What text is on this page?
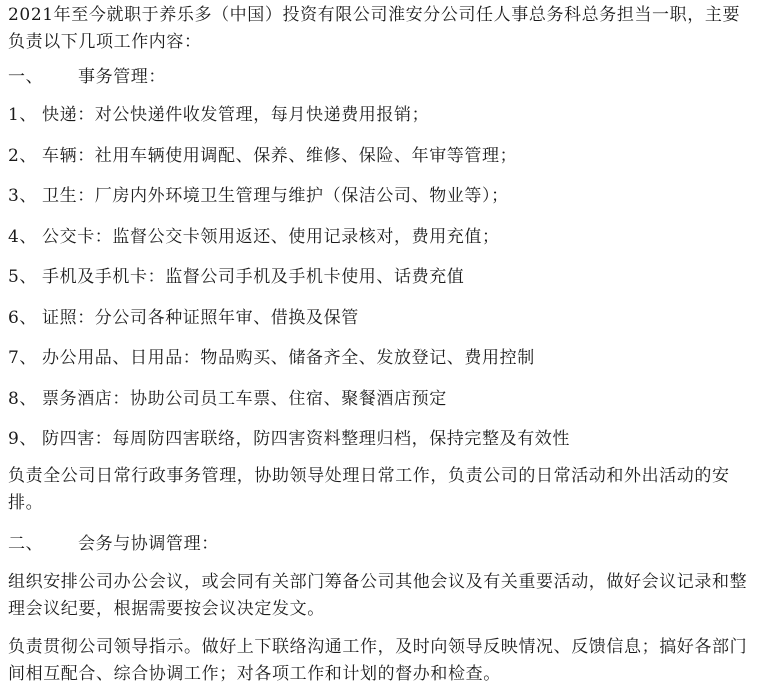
2021年至今就职于养乐多（中国）投资有限公司淮安分公司任人事总务科总务担当一职，主要负责以下几项工作内容：
一、 事务管理：
1、 快递：对公快递件收发管理，每月快递费用报销；
2、 车辆：社用车辆使用调配、保养、维修、保险、年审等管理；
3、 卫生：厂房内外环境卫生管理与维护（保洁公司、物业等）；
4、 公交卡：监督公交卡领用返还、使用记录核对，费用充值；
5、 手机及手机卡：监督公司手机及手机卡使用、话费充值
6、 证照：分公司各种证照年审、借换及保管
7、 办公用品、日用品：物品购买、储备齐全、发放登记、费用控制
8、 票务酒店：协助公司员工车票、住宿、聚餐酒店预定
9、 防四害：每周防四害联络，防四害资料整理归档，保持完整及有效性
负责全公司日常行政事务管理，协助领导处理日常工作，负责公司的日常活动和外出活动的安排。
二、 会务与协调管理：
组织安排公司办公会议，或会同有关部门筹备公司其他会议及有关重要活动，做好会议记录和整理会议纪要，根据需要按会议决定发文。
负责贯彻公司领导指示。做好上下联络沟通工作，及时向领导反映情况、反馈信息；搞好各部门间相互配合、综合协调工作；对各项工作和计划的督办和检查。
